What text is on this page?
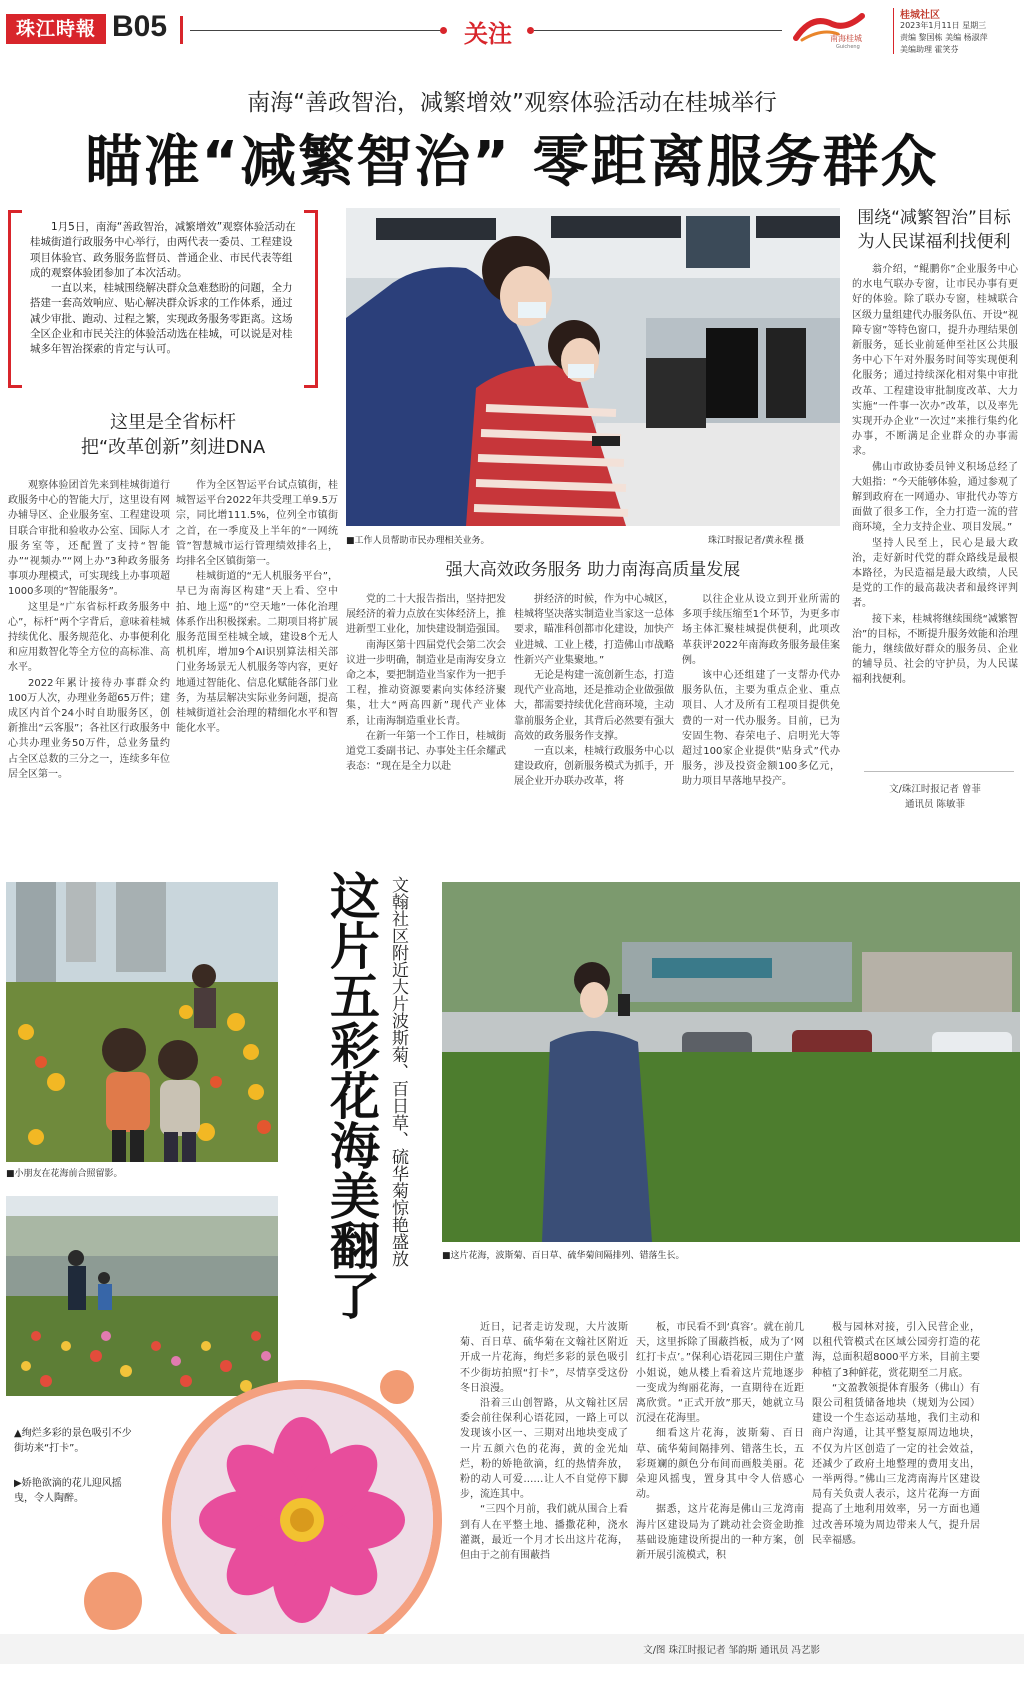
珠江時報 B05	关注	南海桂城
Guicheng
桂城社区
2023年1月11日 星期三
责编 黎国栋 美编 杨淑萍
美编助理 霍笑芬
南海“善政智治，减繁增效”观察体验活动在桂城举行
瞄准“减繁智治” 零距离服务群众

1月5日，南海“善政智治，减繁增效”观察体验活动在桂城街道行政服务中心举行，由两代表一委员、工程建设项目体验官、政务服务监督员、普通企业、市民代表等组成的观察体验团参加了本次活动。

一直以来，桂城围绕解决群众急难愁盼的问题，全力搭建一套高效响应、贴心解决群众诉求的工作体系，通过减少审批、跑动、过程之繁，实现政务服务零距离。这场全区企业和市民关注的体验活动选在桂城，可以说是对桂城多年智治探索的肯定与认可。

■工作人员帮助市民办理相关业务。	珠江时报记者/黄永程 摄
围绕“减繁智治”目标
为人民谋福利找便利

翁介绍，“鲲鹏你”企业服务中心的水电气联办专窗，让市民办事有更好的体验。除了联办专窗，桂城联合区级力量组建代办服务队伍、开设“视障专窗”等特色窗口，提升办理结果创新服务，延长业前延伸至社区公共服务中心下午对外服务时间等实现便利化服务；通过持续深化相对集中审批改革、工程建设审批制度改革、大力实施“一件事一次办”改革，以及率先实现开办企业“一次过”来推行集约化办事，不断满足企业群众的办事需求。

佛山市政协委员钟义积场总经了大姐指：“今天能够体验，通过参观了解到政府在一网通办、审批代办等方面做了很多工作，全力打造一流的营商环境，全力支持企业、项目发展。”

坚持人民至上，民心是最大政治，走好新时代党的群众路线是最根本路径，为民造福是最大政绩，人民是党的工作的最高裁决者和最终评判者。

接下来，桂城将继续围绕“减繁智治”的目标，不断提升服务效能和治理能力，继续做好群众的服务员、企业的辅导员、社会的守护员，为人民谋福利找便利。

文/珠江时报记者 曾菲
通讯员 陈敏菲
这里是全省标杆
把“改革创新”刻进DNA

观察体验团首先来到桂城街道行政服务中心的智能大厅，这里设有网办辅导区、企业服务室、工程建设项目联合审批和验收办公室、国际人才服务室等，还配置了支持“智能办”“视频办”“网上办”3种政务服务事项办理模式，可实现线上办事项超1000多项的“智能服务”。

这里是“广东省标杆政务服务中心”，标杆“两个字背后，意味着桂城持续优化、服务规范化、办事便利化和应用数智化等全方位的高标准、高水平。

2022年累计接待办事群众约100万人次，办理业务超65万件；建成区内首个24小时自助服务区，创新推出“云客服”；各社区行政服务中心共办理业务50万件，总业务量约占全区总数的三分之一，连续多年位居全区第一。

作为全区智运平台试点镇街，桂城智运平台2022年共受理工单9.5万宗，同比增111.5%，位列全市镇街之首，在一季度及上半年的“一网统管”智慧城市运行管理绩效排名上，均排名全区镇街第一。

桂城街道的“无人机服务平台”，早已为南海区构建“天上看、空中拍、地上巡”的“空天地”一体化治理体系作出积极探索。二期项目将扩展服务范围至桂城全域，建设8个无人机机库，增加9个AI识别算法相关部门业务场景无人机服务等内容，更好地通过智能化、信息化赋能各部门业务，为基层解决实际业务问题，提高桂城街道社会治理的精细化水平和智能化水平。

强大高效政务服务 助力南海高质量发展

党的二十大报告指出，坚持把发展经济的着力点放在实体经济上，推进新型工业化，加快建设制造强国。

南海区第十四届党代会第二次会议进一步明确，制造业是南海安身立命之本，要把制造业当家作为一把手工程，推动资源要素向实体经济聚集，壮大“两高四新”现代产业体系，让南海制造重业长青。

在新一年第一个工作日，桂城街道党工委副书记、办事处主任余耀武表态：“现在是全力以赴

拼经济的时候，作为中心城区，桂城将坚决落实制造业当家这一总体要求，瞄准科创都市化建设，加快产业进城、工业上楼，打造佛山市战略性新兴产业集聚地。”

无论是构建一流创新生态，打造现代产业高地，还是推动企业做强做大，都需要持续优化营商环境，主动靠前服务企业，其背后必然要有强大高效的政务服务作支撑。

一直以来，桂城行政服务中心以建设政府，创新服务模式为抓手，开展企业开办联办改革，将

以往企业从设立到开业所需的多项手续压缩至1个环节，为更多市场主体汇聚桂城提供便利，此项改革获评2022年南海政务服务最佳案例。

该中心还组建了一支帮办代办服务队伍，主要为重点企业、重点项目、人才及所有工程项目提供免费的一对一代办服务。目前，已为安固生物、春荣电子、启明光大等超过100家企业提供“贴身式”代办服务，涉及投资金额100多亿元，助力项目早落地早投产。

■小朋友在花海前合照留影。
▲绚烂多彩的景色吸引不少街坊来“打卡”。
▶娇艳欲滴的花儿迎风摇曳，令人陶醉。
这片五彩花海美翻了 文翰社区附近大片波斯菊、百日草、硫华菊惊艳盛放	■这片花海，波斯菊、百日草、硫华菊间隔排列、错落生长。

近日，记者走访发现，大片波斯菊、百日草、硫华菊在文翰社区附近开成一片花海，绚烂多彩的景色吸引不少街坊拍照“打卡”，尽情享受这份冬日浪漫。

沿着三山创智路，从文翰社区居委会前往保利心语花园，一路上可以发现该小区一、三期对出地块变成了一片五颜六色的花海，黄的金光灿烂，粉的娇艳欲滴，红的热情奔放，粉的动人可爱……让人不自觉停下脚步，流连其中。

“三四个月前，我们就从围合上看到有人在平整土地、播撒花种，浇水灌溉，最近一个月才长出这片花海，但由于之前有围蔽挡

板，市民看不到‘真容’。就在前几天，这里拆除了围蔽挡板，成为了‘网红打卡点’。”保利心语花园三期住户董小姐说，她从楼上看着这片荒地逐步一变成为绚丽花海，一直期待在近距离欣赏。“正式开放”那天，她就立马沉浸在花海里。

细看这片花海，波斯菊、百日草、硫华菊间隔排列、错落生长，五彩斑斓的颜色分布间而画般美丽。花朵迎风摇曳，置身其中令人倍感心动。

据悉，这片花海是佛山三龙湾南海片区建设局为了跳动社会资金助推基础设施建设所提出的一种方案，创新开展引流模式，积

极与园林对接，引入民营企业，以租代管模式在区域公园旁打造的花海，总面积超8000平方米，目前主要种植了3种鲜花，赏花期至二月底。

“文盈教领提体育服务（佛山）有限公司租赁储备地块（规划为公园）建设一个生态运动基地，我们主动和商户沟通，让其平整复原周边地块，不仅为片区创造了一定的社会效益，还减少了政府土地整理的费用支出，一举两得。”佛山三龙湾南海片区建设局有关负责人表示，这片花海一方面提高了土地利用效率，另一方面也通过改善环境为周边带来人气，提升居民幸福感。

文/图 珠江时报记者 邹韵斯 通讯员 冯艺影
